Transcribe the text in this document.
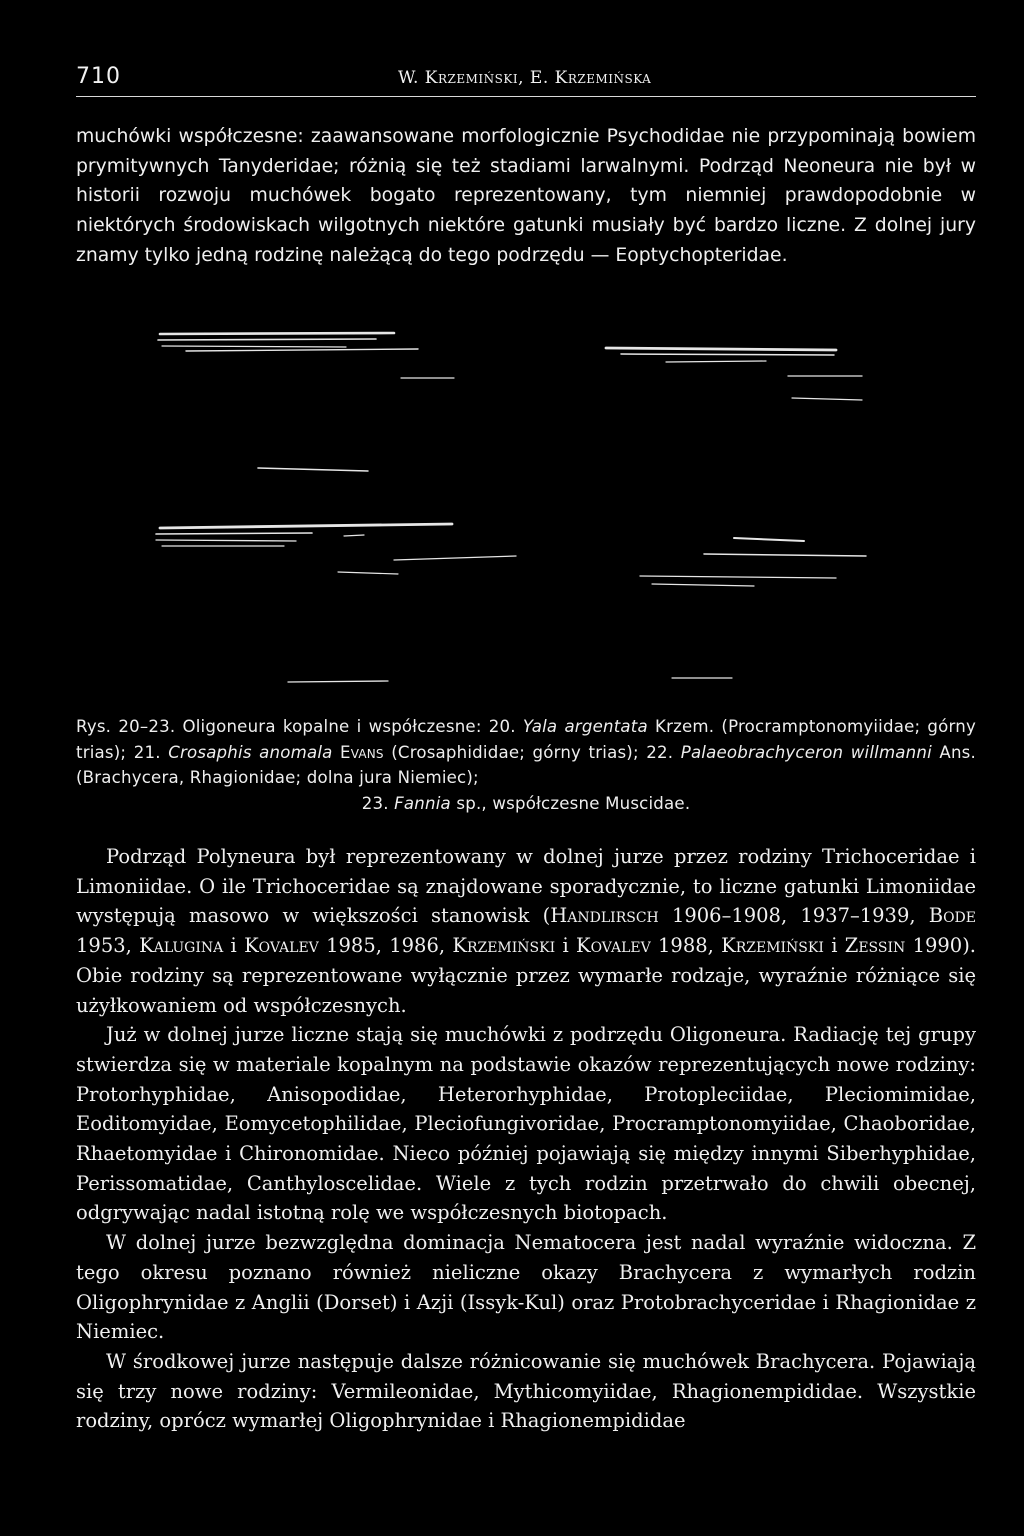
710	W. Krzemiński, E. Krzemińska

muchówki współczesne: zaawansowane morfologicznie Psychodidae nie przypominają bowiem prymitywnych Tanyderidae; różnią się też stadiami larwalnymi. Podrząd Neoneura nie był w historii rozwoju muchówek bogato reprezentowany, tym niemniej prawdopodobnie w niektórych środowiskach wilgotnych niektóre gatunki musiały być bardzo liczne. Z dolnej jury znamy tylko jedną rodzinę należącą do tego podrzędu — Eoptychopteridae.

Rys. 20–23. Oligoneura kopalne i współczesne: 20. Yala argentata Krzem. (Procramptonomyiidae; górny trias); 21. Crosaphis anomala Evans (Crosaphididae; górny trias); 22. Palaeobrachyceron willmanni Ans. (Brachycera, Rhagionidae; dolna jura Niemiec);
23. Fannia sp., współczesne Muscidae.

Podrząd Polyneura był reprezentowany w dolnej jurze przez rodziny Trichoceridae i Limoniidae. O ile Trichoceridae są znajdowane sporadycznie, to liczne gatunki Limoniidae występują masowo w większości stanowisk (Handlirsch 1906–1908, 1937–1939, Bode 1953, Kalugina i Kovalev 1985, 1986, Krzemiński i Kovalev 1988, Krzemiński i Zessin 1990). Obie rodziny są reprezentowane wyłącznie przez wymarłe rodzaje, wyraźnie różniące się użyłkowaniem od współczesnych.

Już w dolnej jurze liczne stają się muchówki z podrzędu Oligoneura. Radiację tej grupy stwierdza się w materiale kopalnym na podstawie okazów reprezentujących nowe rodziny: Protorhyphidae, Anisopodidae, Heterorhyphidae, Protopleciidae, Pleciomimidae, Eoditomyidae, Eomycetophilidae, Pleciofungivoridae, Procramptonomyiidae, Chaoboridae, Rhaetomyidae i Chironomidae. Nieco później pojawiają się między innymi Siberhyphidae, Perissomatidae, Canthyloscelidae. Wiele z tych rodzin przetrwało do chwili obecnej, odgrywając nadal istotną rolę we współczesnych biotopach.

W dolnej jurze bezwzględna dominacja Nematocera jest nadal wyraźnie widoczna. Z tego okresu poznano również nieliczne okazy Brachycera z wymarłych rodzin Oligophrynidae z Anglii (Dorset) i Azji (Issyk-Kul) oraz Protobrachyceridae i Rhagionidae z Niemiec.

W środkowej jurze następuje dalsze różnicowanie się muchówek Brachycera. Pojawiają się trzy nowe rodziny: Vermileonidae, Mythicomyiidae, Rhagionempididae. Wszystkie rodziny, oprócz wymarłej Oligophrynidae i Rhagionempididae
